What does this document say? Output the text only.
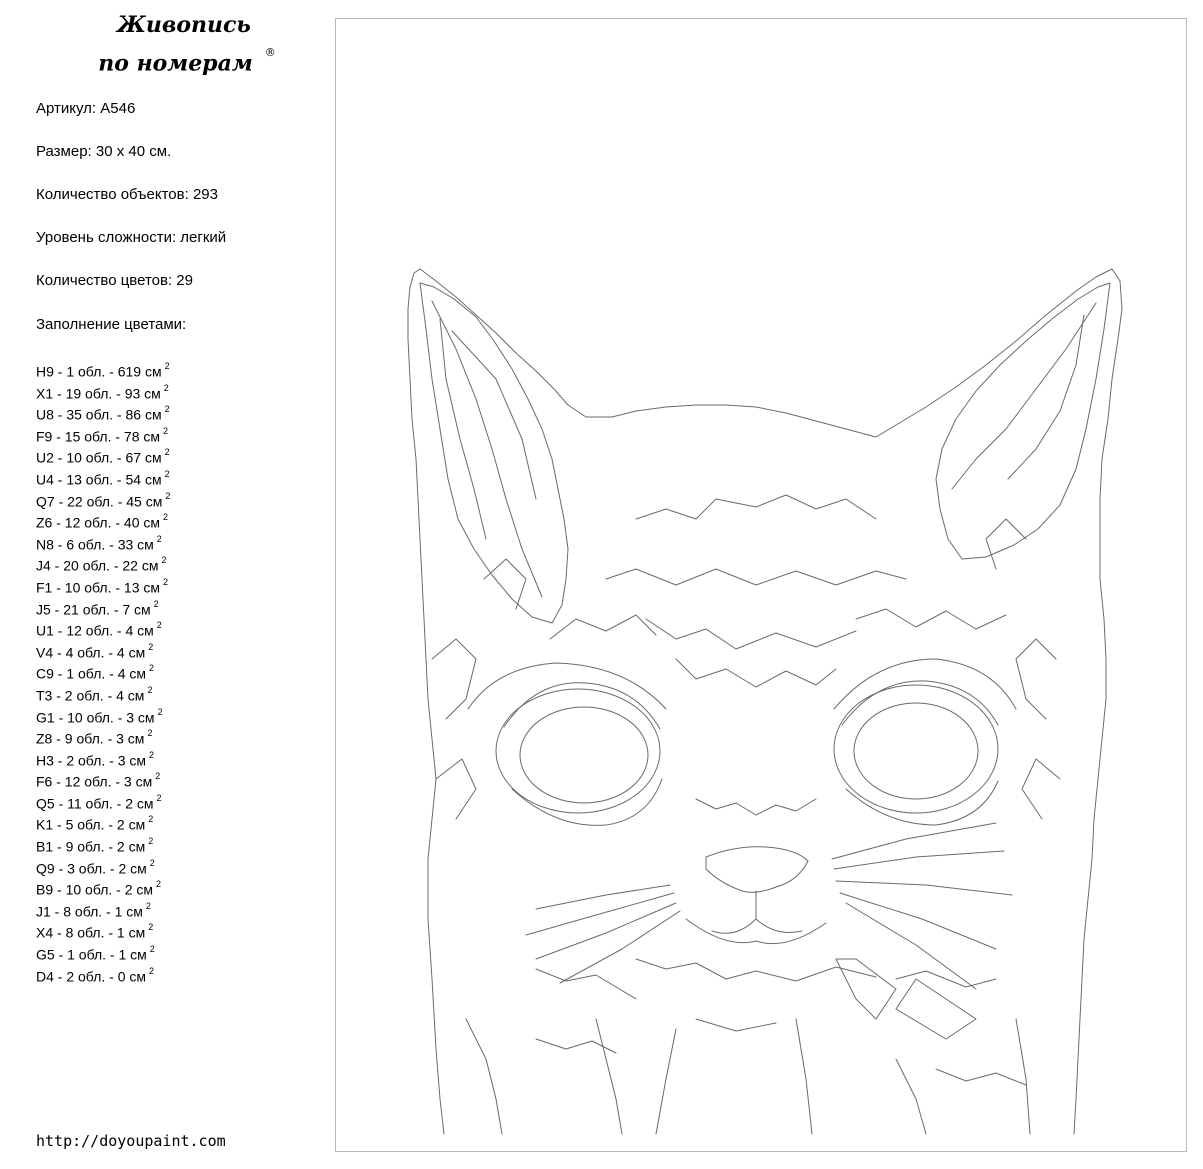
Живопись
по номерам ®
Артикул: A546
Размер: 30 х 40 см.
Количество объектов: 293
Уровень сложности: легкий
Количество цветов: 29
Заполнение цветами:
H9 - 1 обл. - 619 см $^2$
X1 - 19 обл. - 93 см $^2$
U8 - 35 обл. - 86 см $^2$
F9 - 15 обл. - 78 см $^2$
U2 - 10 обл. - 67 см $^2$
U4 - 13 обл. - 54 см $^2$
Q7 - 22 обл. - 45 см $^2$
Z6 - 12 обл. - 40 см $^2$
N8 - 6 обл. - 33 см $^2$
J4 - 20 обл. - 22 см $^2$
F1 - 10 обл. - 13 см $^2$
J5 - 21 обл. - 7 см $^2$
U1 - 12 обл. - 4 см $^2$
V4 - 4 обл. - 4 см $^2$
C9 - 1 обл. - 4 см $^2$
T3 - 2 обл. - 4 см $^2$
G1 - 10 обл. - 3 см $^2$
Z8 - 9 обл. - 3 см $^2$
H3 - 2 обл. - 3 см $^2$
F6 - 12 обл. - 3 см $^2$
Q5 - 11 обл. - 2 см $^2$
K1 - 5 обл. - 2 см $^2$
B1 - 9 обл. - 2 см $^2$
Q9 - 3 обл. - 2 см $^2$
B9 - 10 обл. - 2 см $^2$
J1 - 8 обл. - 1 см $^2$
X4 - 8 обл. - 1 см $^2$
G5 - 1 обл. - 1 см $^2$
D4 - 2 обл. - 0 см $^2$
http://doyoupaint.com
